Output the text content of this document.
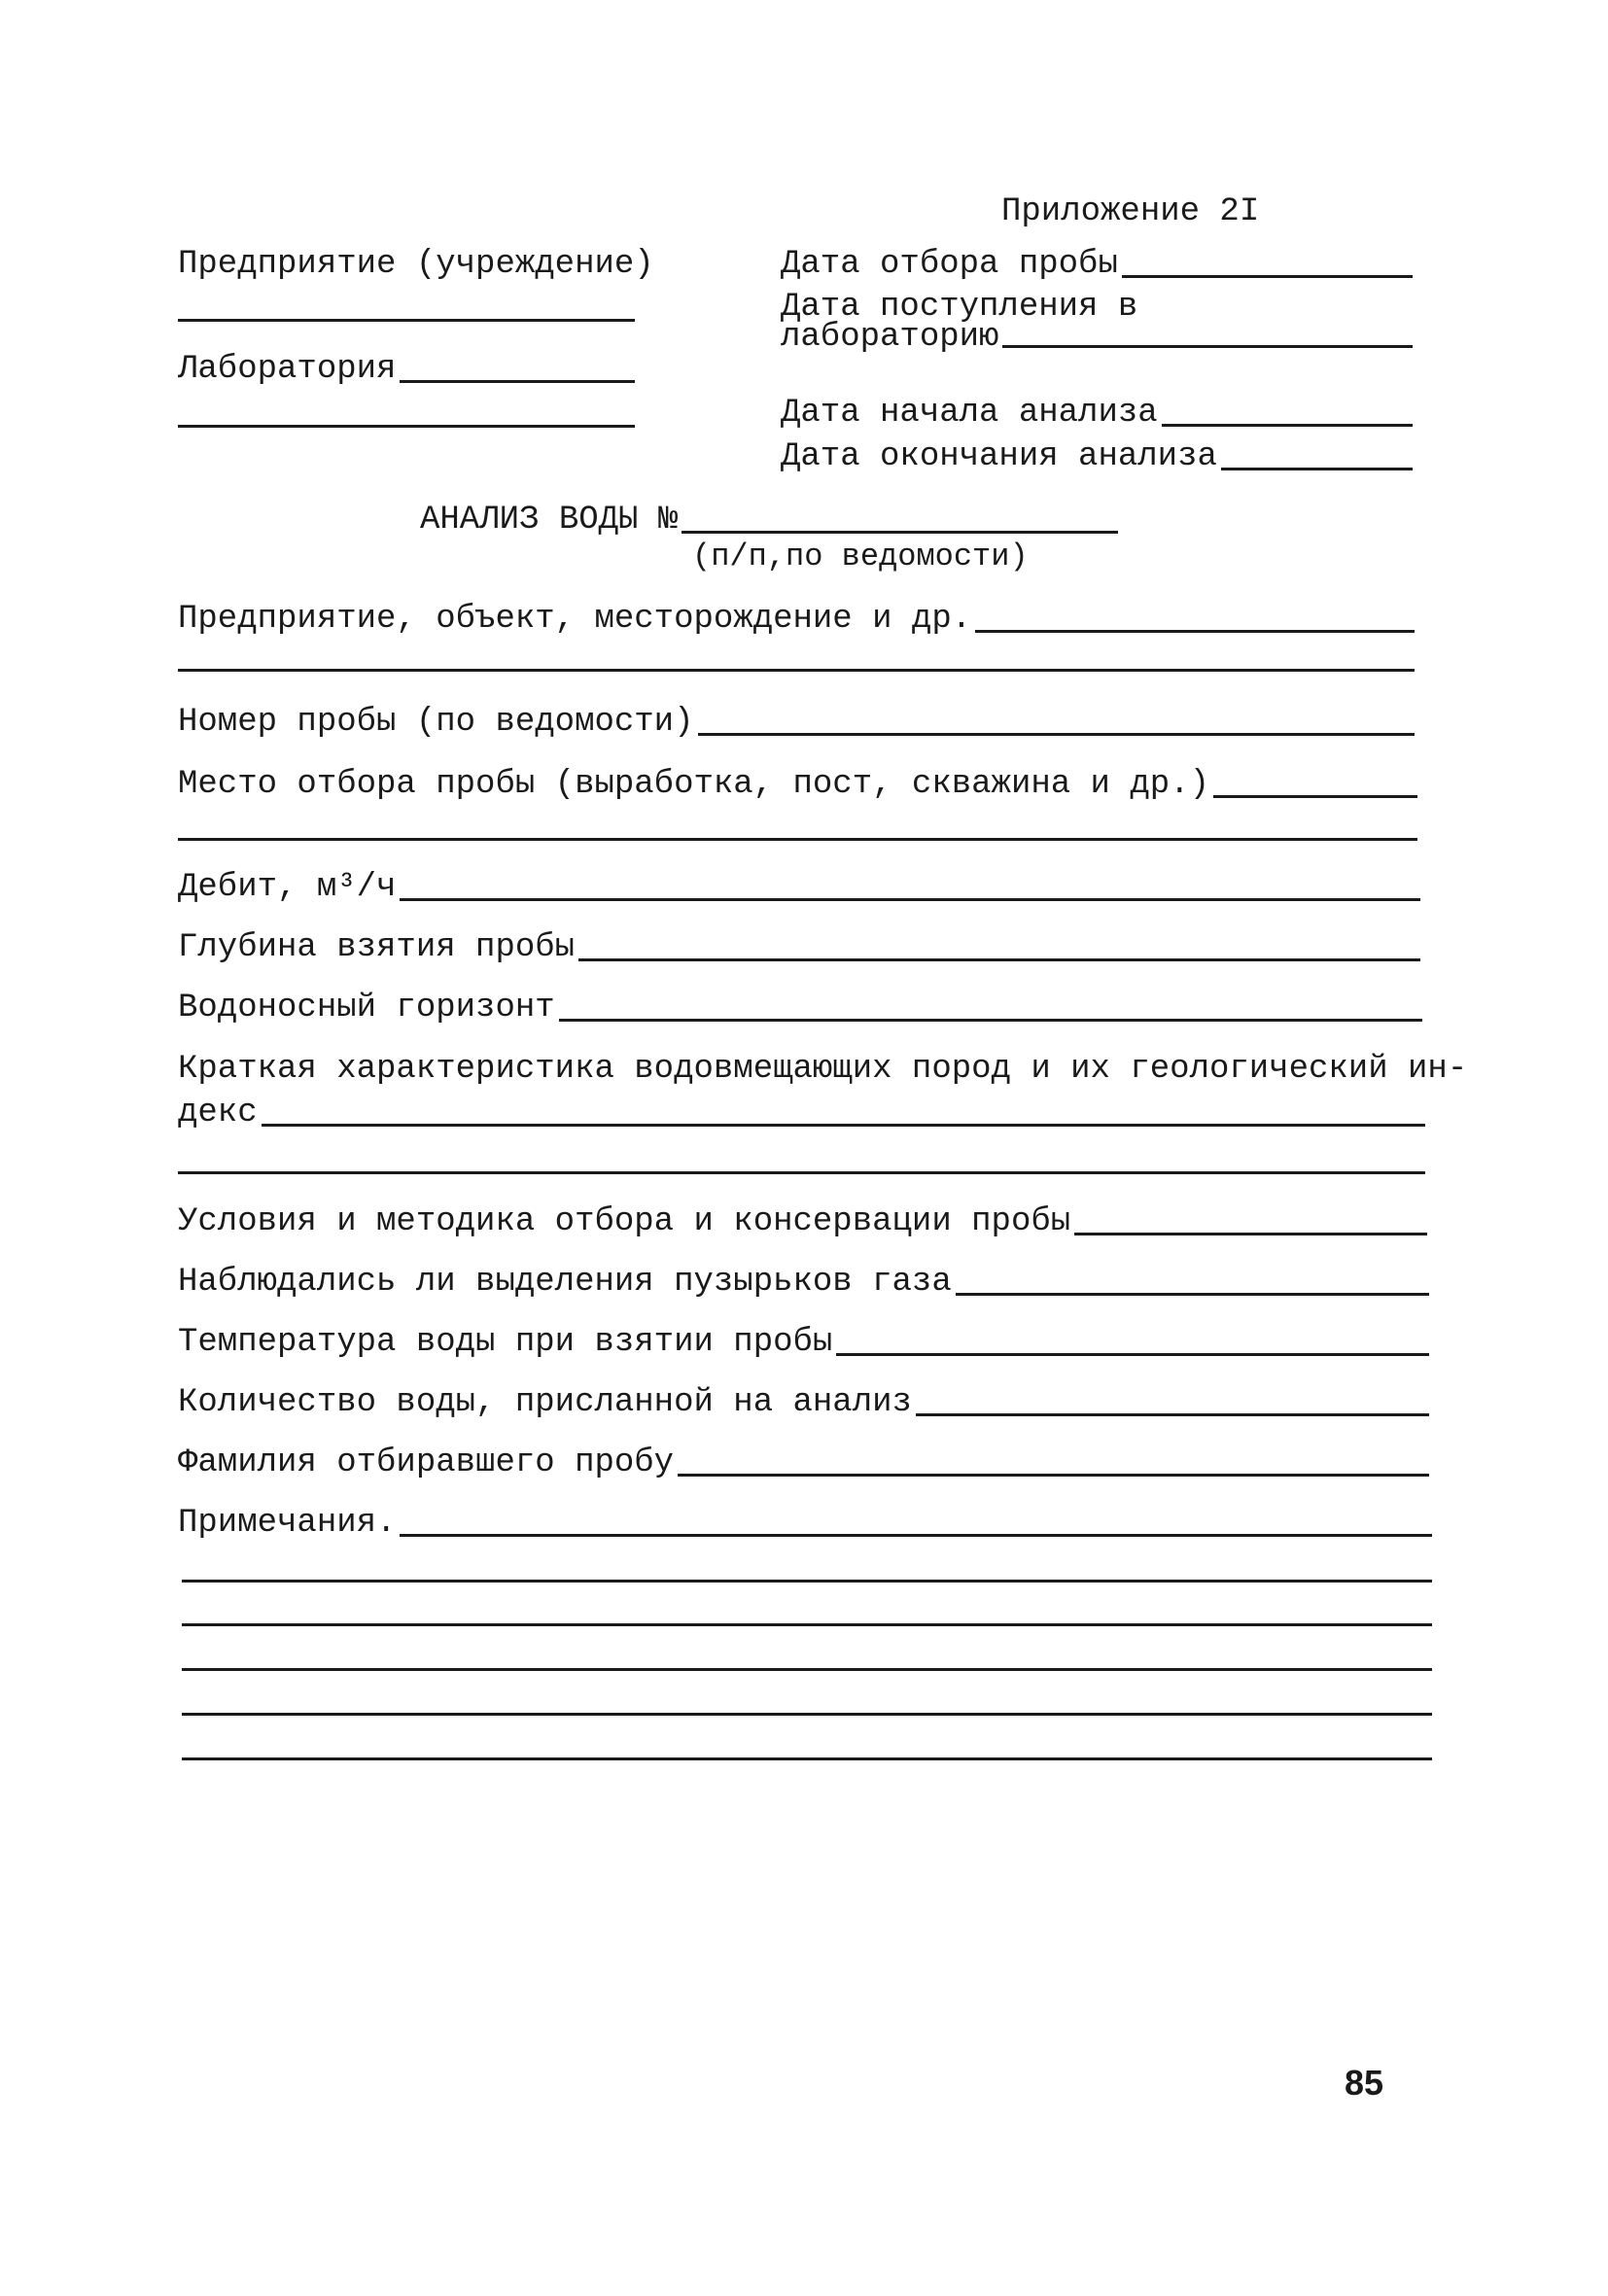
Приложение 2I
Предприятие (учреждение)
Лаборатория
Дата отбора пробы
Дата поступления в
лабораторию
Дата начала анализа
Дата окончания анализа
АНАЛИЗ ВОДЫ №
(п/п,по ведомости)
Предприятие, объект, месторождение и др.
Номер пробы (по ведомости)
Место отбора пробы (выработка, пост, скважина и др.)
Дебит, м³/ч
Глубина взятия пробы
Водоносный горизонт
Краткая характеристика водовмещающих пород и их геологический ин-
декс
Условия и методика отбора и консервации пробы
Наблюдались ли выделения пузырьков газа
Температура воды при взятии пробы
Количество воды, присланной на анализ
Фамилия отбиравшего пробу
Примечания.
85
